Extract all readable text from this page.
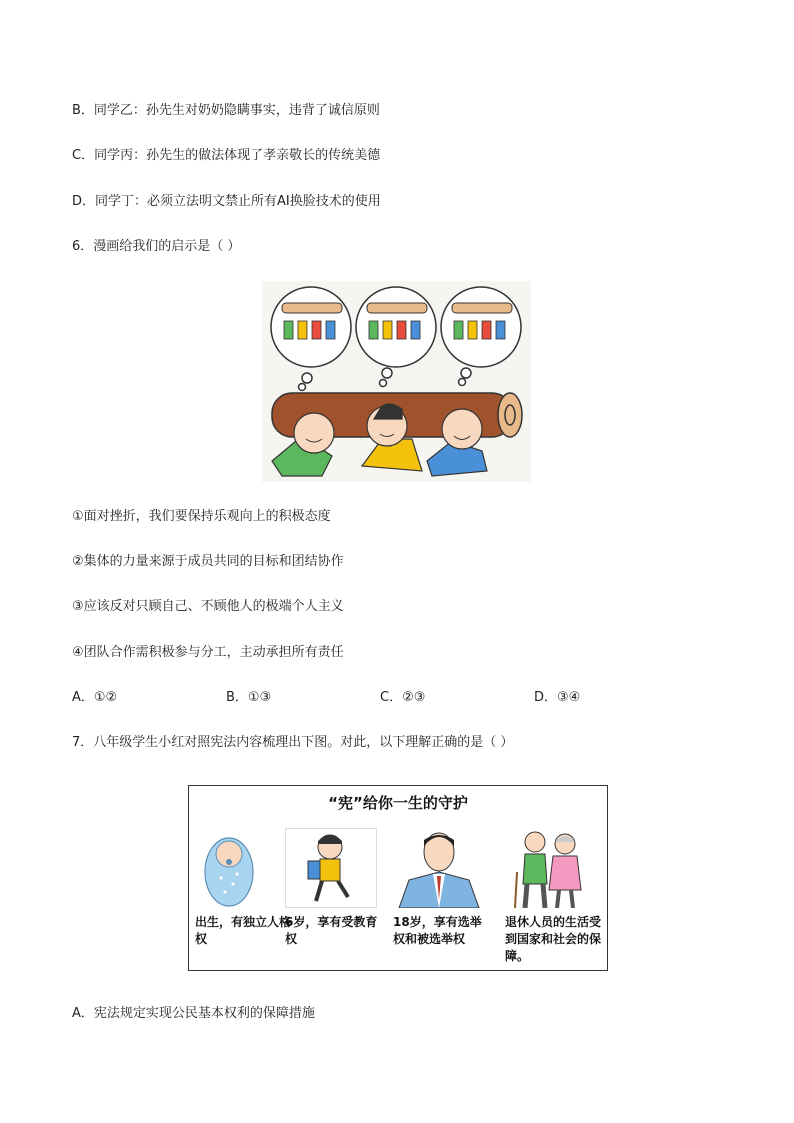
B．同学乙：孙先生对奶奶隐瞒事实，违背了诚信原则
C．同学丙：孙先生的做法体现了孝亲敬长的传统美德
D．同学丁：必须立法明文禁止所有AI换脸技术的使用
6．漫画给我们的启示是（ ）
①面对挫折，我们要保持乐观向上的积极态度
②集体的力量来源于成员共同的目标和团结协作
③应该反对只顾自己、不顾他人的极端个人主义
④团队合作需积极参与分工，主动承担所有责任
A．①②	B．①③	C．②③	D．③④
7．八年级学生小红对照宪法内容梳理出下图。对此，以下理解正确的是（ ）
“宪”给你一生的守护
出生，有独立人格权
6岁，享有受教育权
18岁，享有选举权和被选举权
退休人员的生活受到国家和社会的保障。
A．宪法规定实现公民基本权利的保障措施
